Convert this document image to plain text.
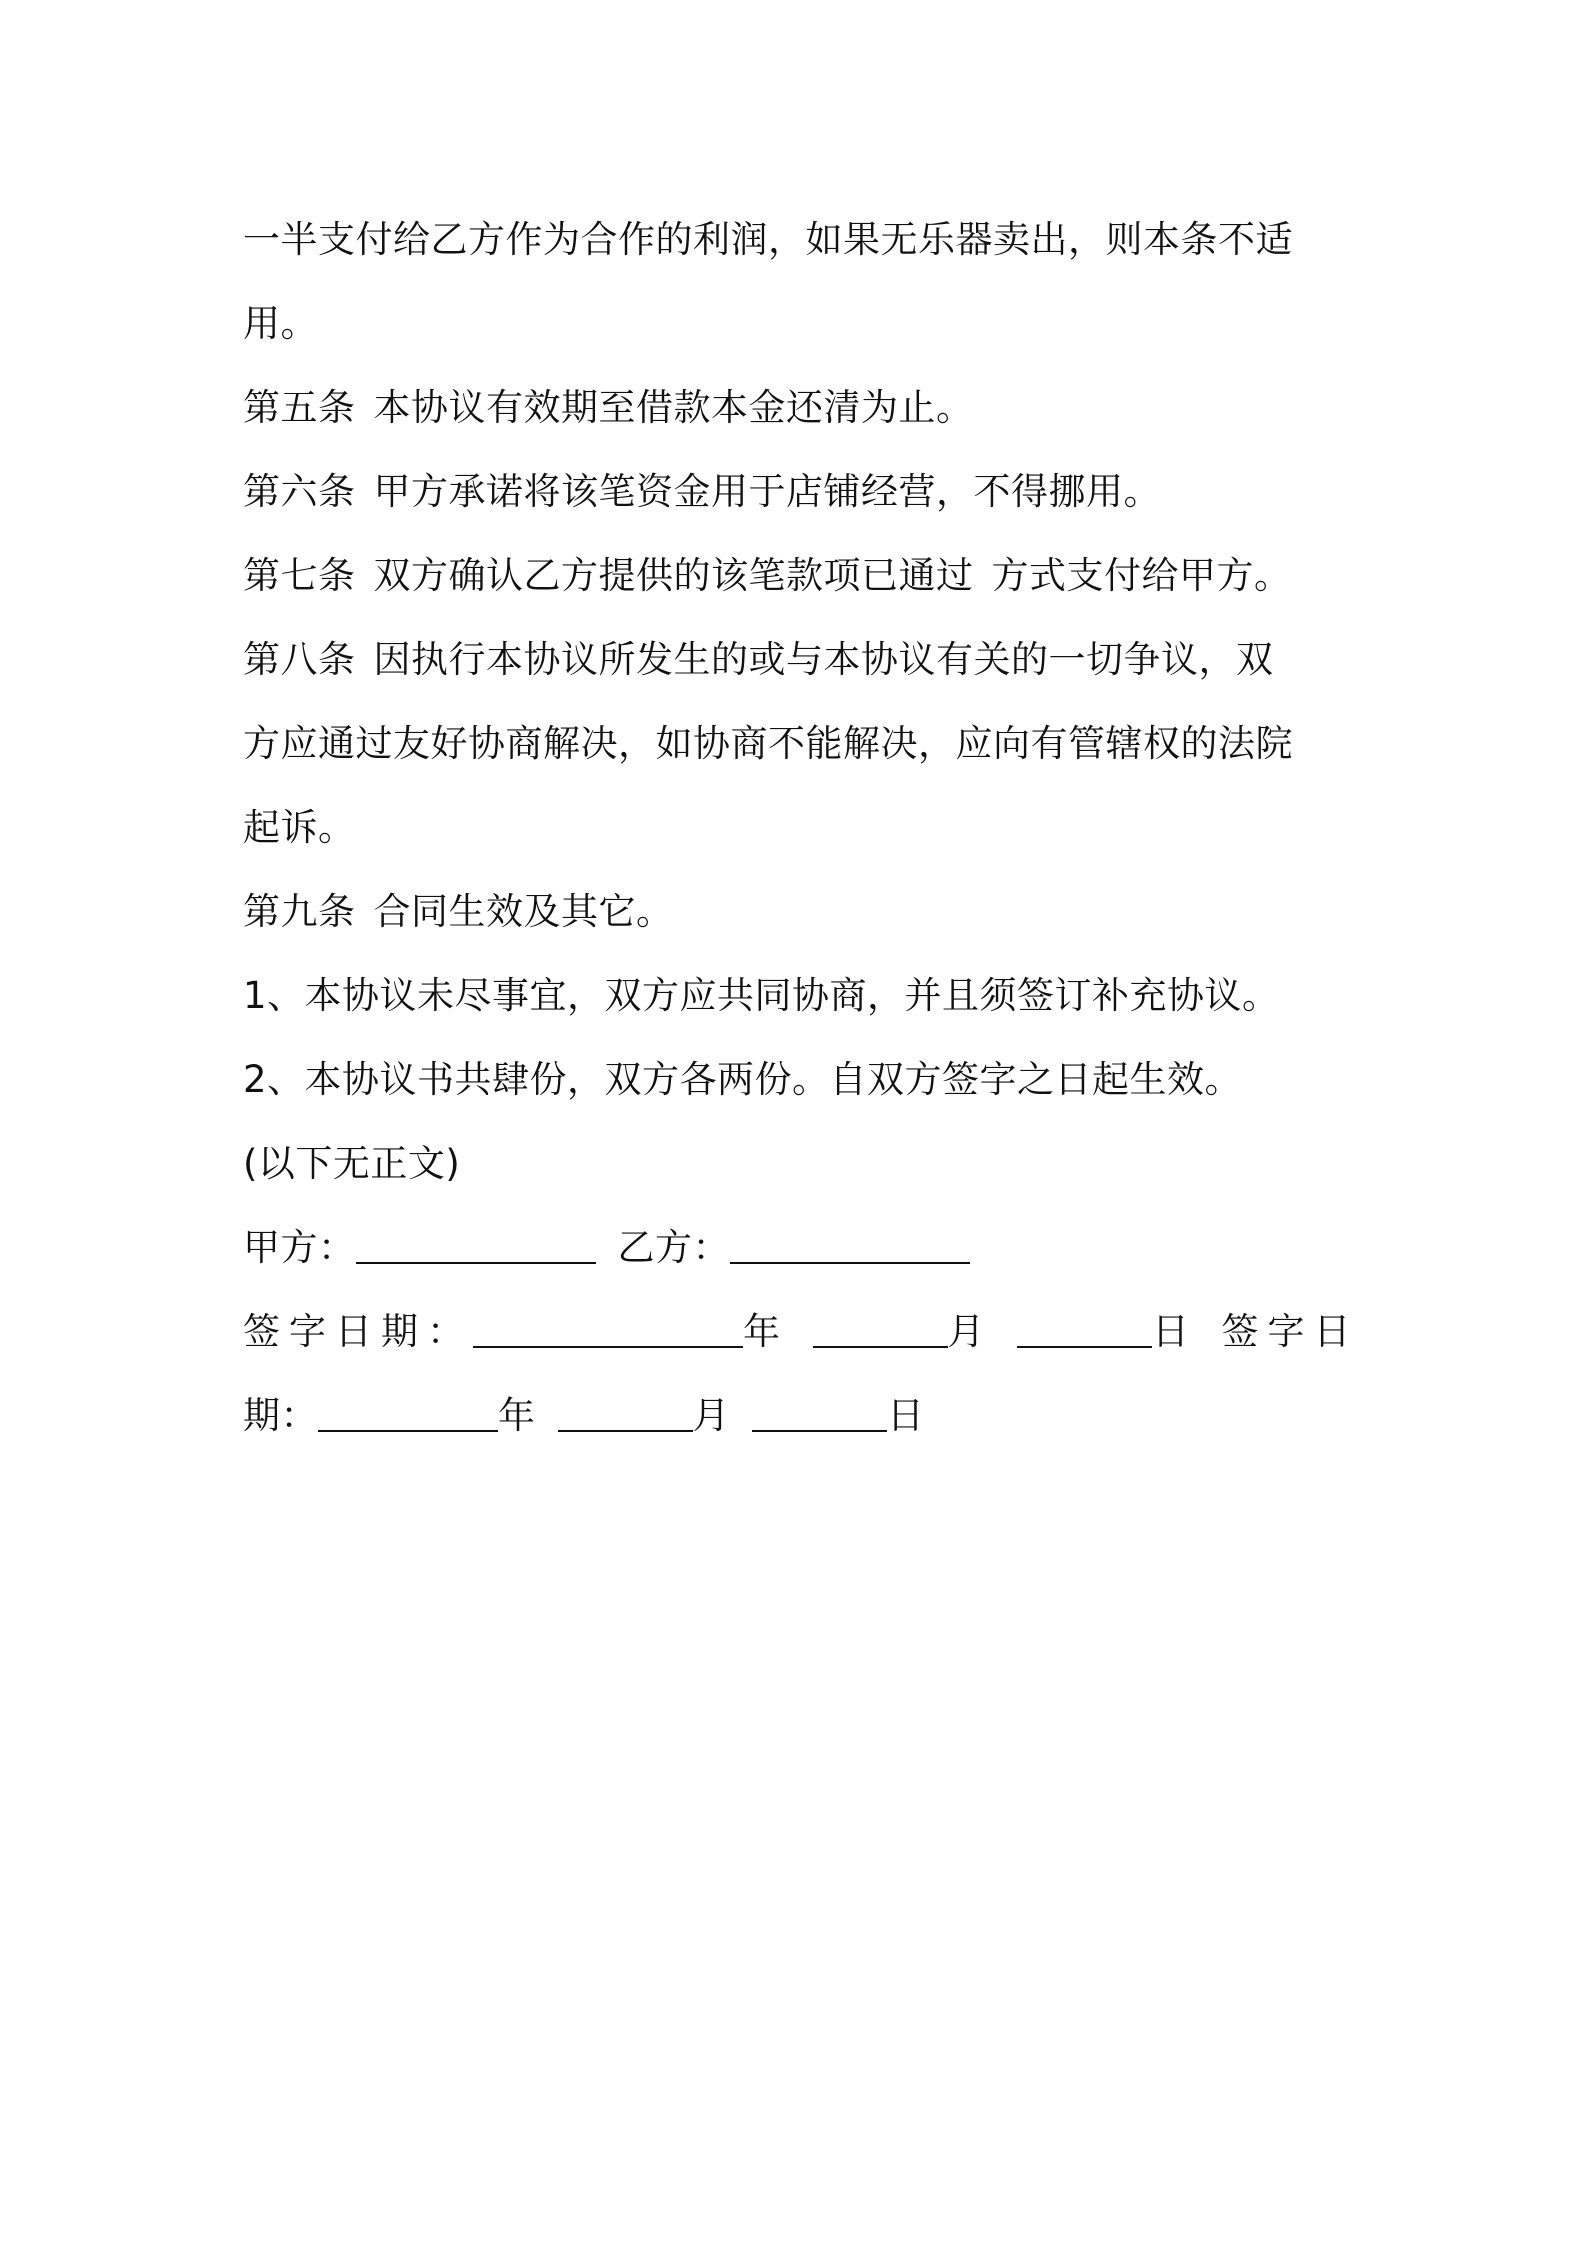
一半支付给乙方作为合作的利润，如果无乐器卖出，则本条不适
用。
第五条 本协议有效期至借款本金还清为止。
第六条 甲方承诺将该笔资金用于店铺经营，不得挪用。
第七条 双方确认乙方提供的该笔款项已通过 方式支付给甲方。
第八条 因执行本协议所发生的或与本协议有关的一切争议，双
方应通过友好协商解决，如协商不能解决，应向有管辖权的法院
起诉。
第九条 合同生效及其它。
1、本协议未尽事宜，双方应共同协商，并且须签订补充协议。
2、本协议书共肆份，双方各两份。自双方签字之日起生效。
(以下无正文)
甲方：	乙方：
签字日期：	年	月	日 签字日
期：	年	月	日
